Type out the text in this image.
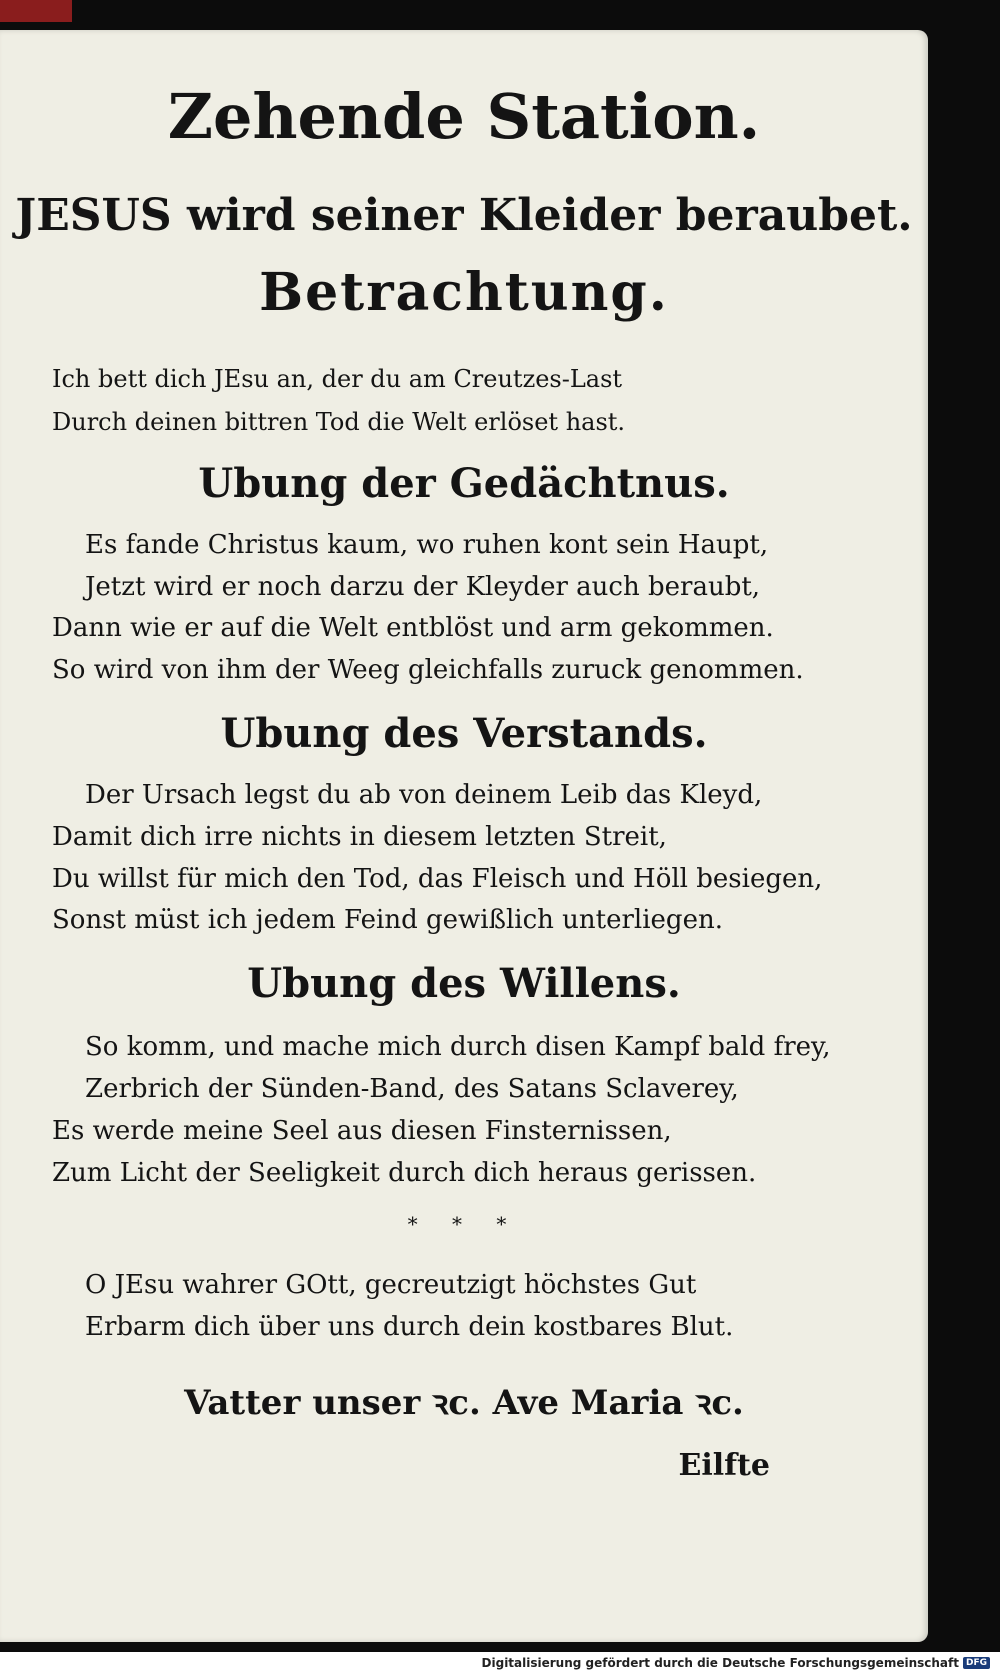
Zehende Station.
JESUS wird seiner Kleider beraubet.
Betrachtung.
Ich bett dich JEsu an, der du am Creutzes-Last
Durch deinen bittren Tod die Welt erlöset hast.
Ubung der Gedächtnus.
Es fande Christus kaum, wo ruhen kont sein Haupt,
Jetzt wird er noch darzu der Kleyder auch beraubt,
Dann wie er auf die Welt entblöst und arm gekommen.
So wird von ihm der Weeg gleichfalls zuruck genommen.
Ubung des Verstands.
Der Ursach legst du ab von deinem Leib das Kleyd,
Damit dich irre nichts in diesem letzten Streit,
Du willst für mich den Tod, das Fleisch und Höll besiegen,
Sonst müst ich jedem Feind gewißlich unterliegen.
Ubung des Willens.
So komm, und mache mich durch disen Kampf bald frey,
Zerbrich der Sünden-Band, des Satans Sclaverey,
Es werde meine Seel aus diesen Finsternissen,
Zum Licht der Seeligkeit durch dich heraus gerissen.
* * *
O JEsu wahrer GOtt, gecreutzigt höchstes Gut
Erbarm dich über uns durch dein kostbares Blut.
Vatter unser ꝛc. Ave Maria ꝛc.
Eilfte
Digitalisierung gefördert durch die Deutsche Forschungsgemeinschaft DFG
